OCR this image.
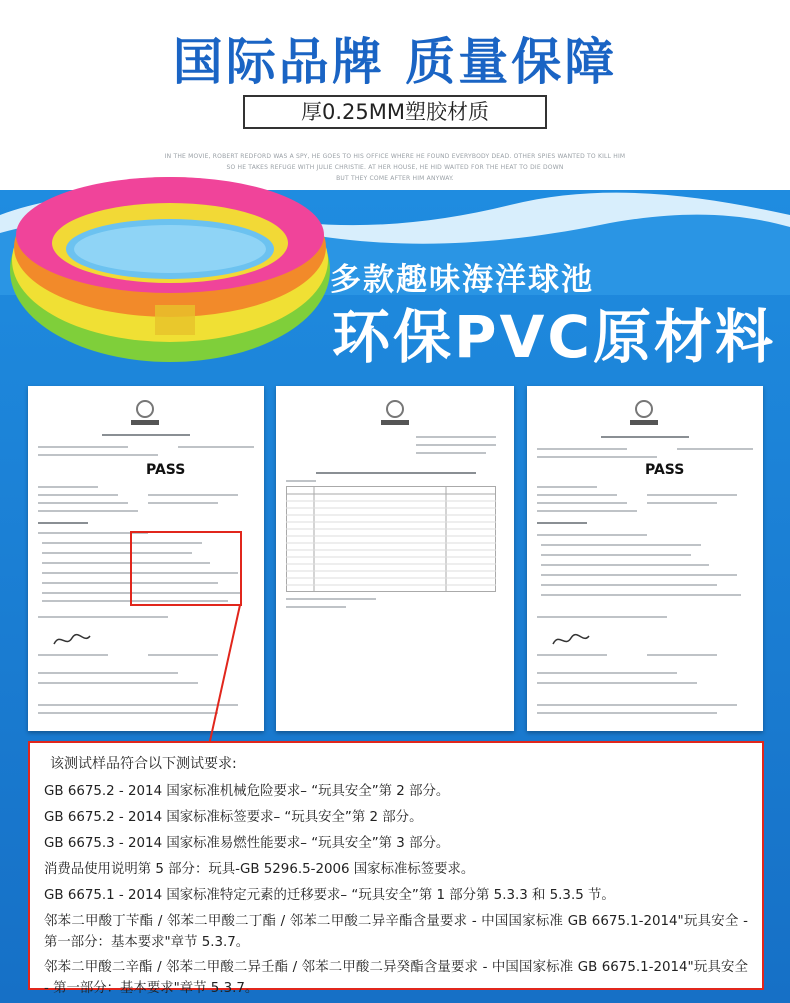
国际品牌 质量保障
厚0.25MM塑胶材质
IN THE MOVIE, ROBERT REDFORD WAS A SPY, HE GOES TO HIS OFFICE WHERE HE FOUND EVERYBODY DEAD. OTHER SPIES WANTED TO KILL HIM
SO HE TAKES REFUGE WITH JULIE CHRISTIE. AT HER HOUSE, HE HID WAITED FOR THE HEAT TO DIE DOWN
BUT THEY COME AFTER HIM ANYWAY.
多款趣味海洋球池
环保PVC原材料
PASS	PASS

该测试样品符合以下测试要求:

GB 6675.2 - 2014 国家标准机械危险要求– “玩具安全”第 2 部分。

GB 6675.2 - 2014 国家标准标签要求– “玩具安全”第 2 部分。

GB 6675.3 - 2014 国家标准易燃性能要求– “玩具安全”第 3 部分。

消费品使用说明第 5 部分：玩具-GB 5296.5-2006 国家标准标签要求。

GB 6675.1 - 2014 国家标准特定元素的迁移要求– “玩具安全”第 1 部分第 5.3.3 和 5.3.5 节。

邻苯二甲酸丁苄酯 / 邻苯二甲酸二丁酯 / 邻苯二甲酸二异辛酯含量要求 - 中国国家标准 GB 6675.1-2014"玩具安全 - 第一部分：基本要求"章节 5.3.7。

邻苯二甲酸二辛酯 / 邻苯二甲酸二异壬酯 / 邻苯二甲酸二异癸酯含量要求 - 中国国家标准 GB 6675.1-2014"玩具安全 - 第一部分：基本要求"章节 5.3.7。
